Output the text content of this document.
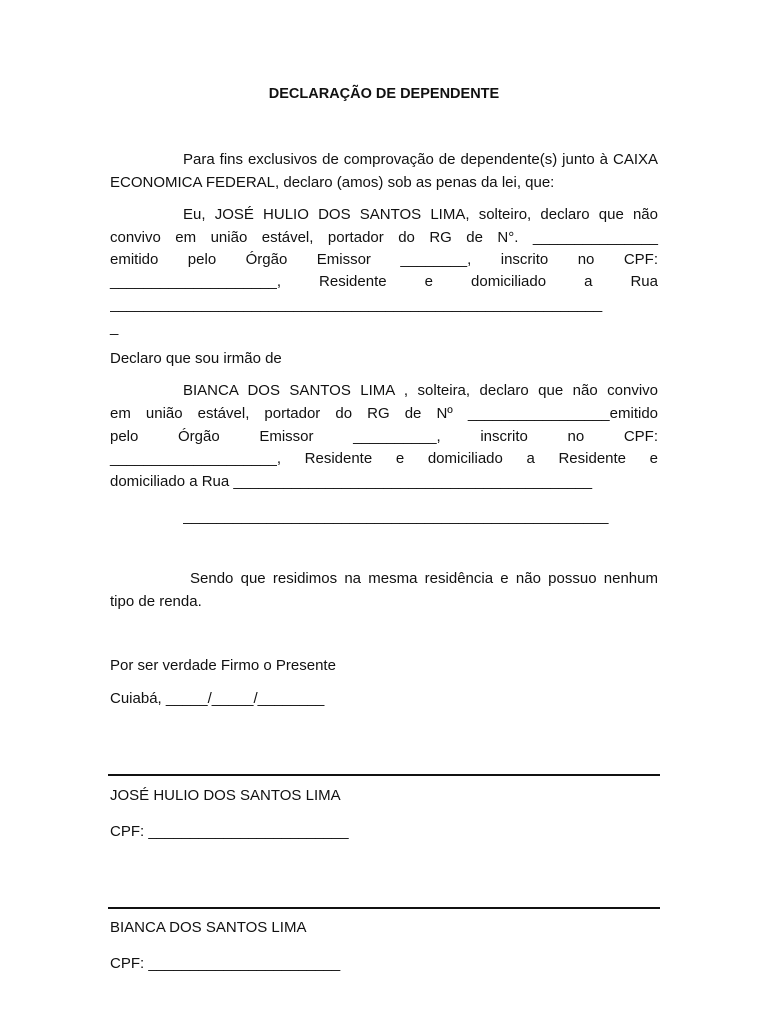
DECLARAÇÃO DE DEPENDENTE

Para fins exclusivos de comprovação de dependente(s) junto à CAIXA ECONOMICA FEDERAL, declaro (amos) sob as penas da lei, que:

Eu, JOSÉ HULIO DOS SANTOS LIMA, solteiro, declaro que não
convivo em união estável, portador do RG de N°. _______________
emitido pelo Órgão Emissor ________, inscrito no CPF:
____________________, Residente e domiciliado a Rua
___________________________________________________________
_
Declaro que sou irmão de
BIANCA DOS SANTOS LIMA , solteira, declaro que não convivo
em união estável, portador do RG de Nº _________________emitido
pelo Órgão Emissor __________, inscrito no CPF:
____________________, Residente e domiciliado a Residente e
domiciliado a Rua ___________________________________________
___________________________________________________

Sendo que residimos na mesma residência e não possuo nenhum tipo de renda.

Por ser verdade Firmo o Presente
Cuiabá, _____/_____/________
JOSÉ HULIO DOS SANTOS LIMA
CPF: ________________________
BIANCA DOS SANTOS LIMA
CPF: _______________________
